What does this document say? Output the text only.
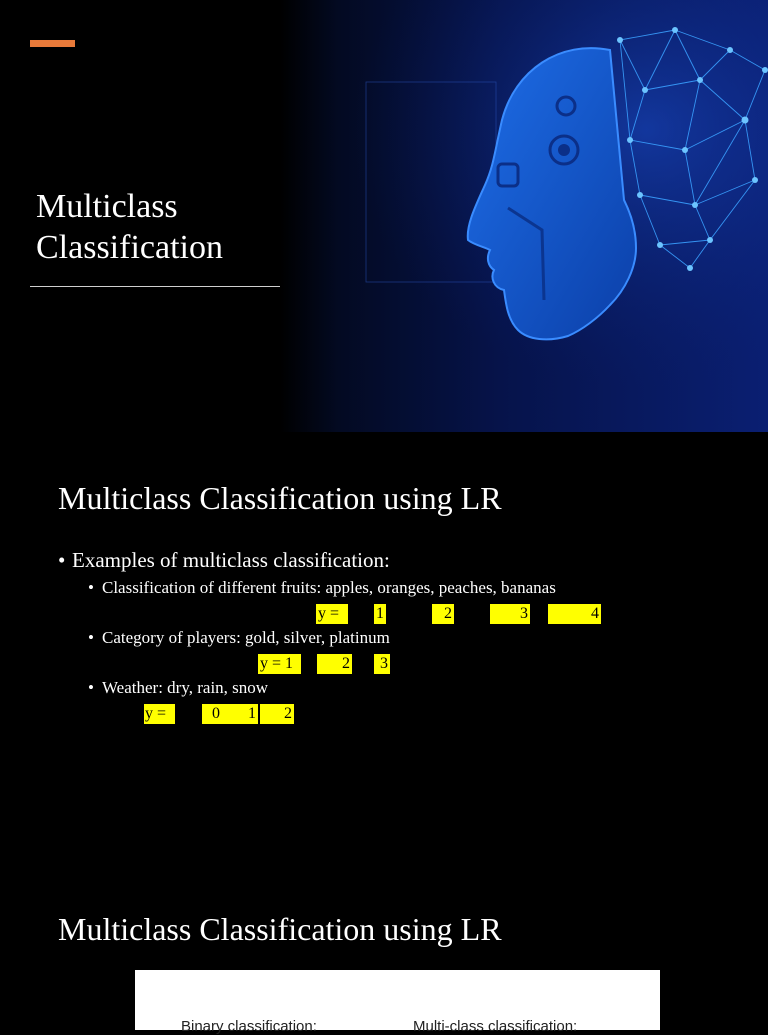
Multiclass Classification
Multiclass Classification using LR
• Examples of multiclass classification:
• Classification of different fruits: apples, oranges, peaches, bananas
y =	1	2	3	4
• Category of players: gold, silver, platinum
y = 1	2	3
• Weather: dry, rain, snow
y =	0	1	2
Multiclass Classification using LR
Binary classification:	Multi-class classification:
